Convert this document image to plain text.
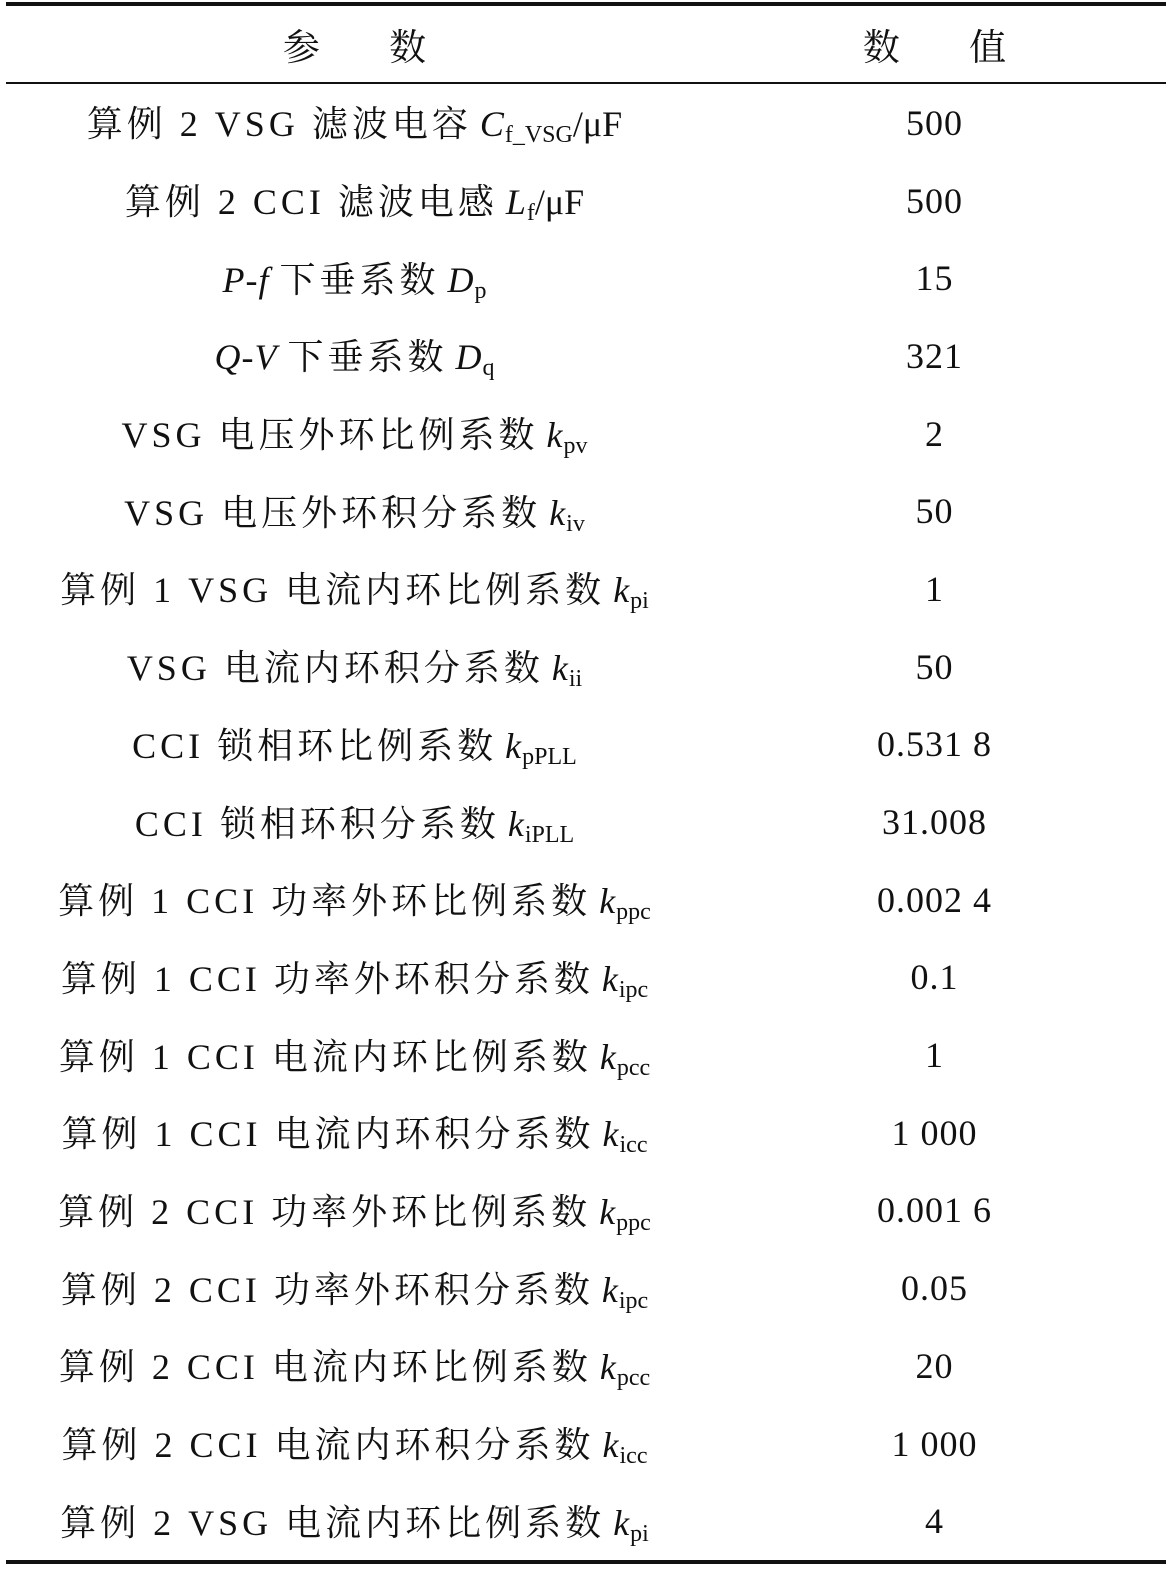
参 数	数 值
算例 2 VSG 滤波电容 $C_{f\_VSG}/\mu F$	500
算例 2 CCI 滤波电感 $L_f/\mu F$	500
P-f 下垂系数 $D_p$	15
Q-V 下垂系数 $D_q$	321
VSG 电压外环比例系数 $k_{pv}$	2
VSG 电压外环积分系数 $k_{iv}$	50
算例 1 VSG 电流内环比例系数 $k_{pi}$	1
VSG 电流内环积分系数 $k_{ii}$	50
CCI 锁相环比例系数 $k_{pPLL}$	0.531 8
CCI 锁相环积分系数 $k_{iPLL}$	31.008
算例 1 CCI 功率外环比例系数 $k_{ppc}$	0.002 4
算例 1 CCI 功率外环积分系数 $k_{ipc}$	0.1
算例 1 CCI 电流内环比例系数 $k_{pcc}$	1
算例 1 CCI 电流内环积分系数 $k_{icc}$	1 000
算例 2 CCI 功率外环比例系数 $k_{ppc}$	0.001 6
算例 2 CCI 功率外环积分系数 $k_{ipc}$	0.05
算例 2 CCI 电流内环比例系数 $k_{pcc}$	20
算例 2 CCI 电流内环积分系数 $k_{icc}$	1 000
算例 2 VSG 电流内环比例系数 $k_{pi}$	4
